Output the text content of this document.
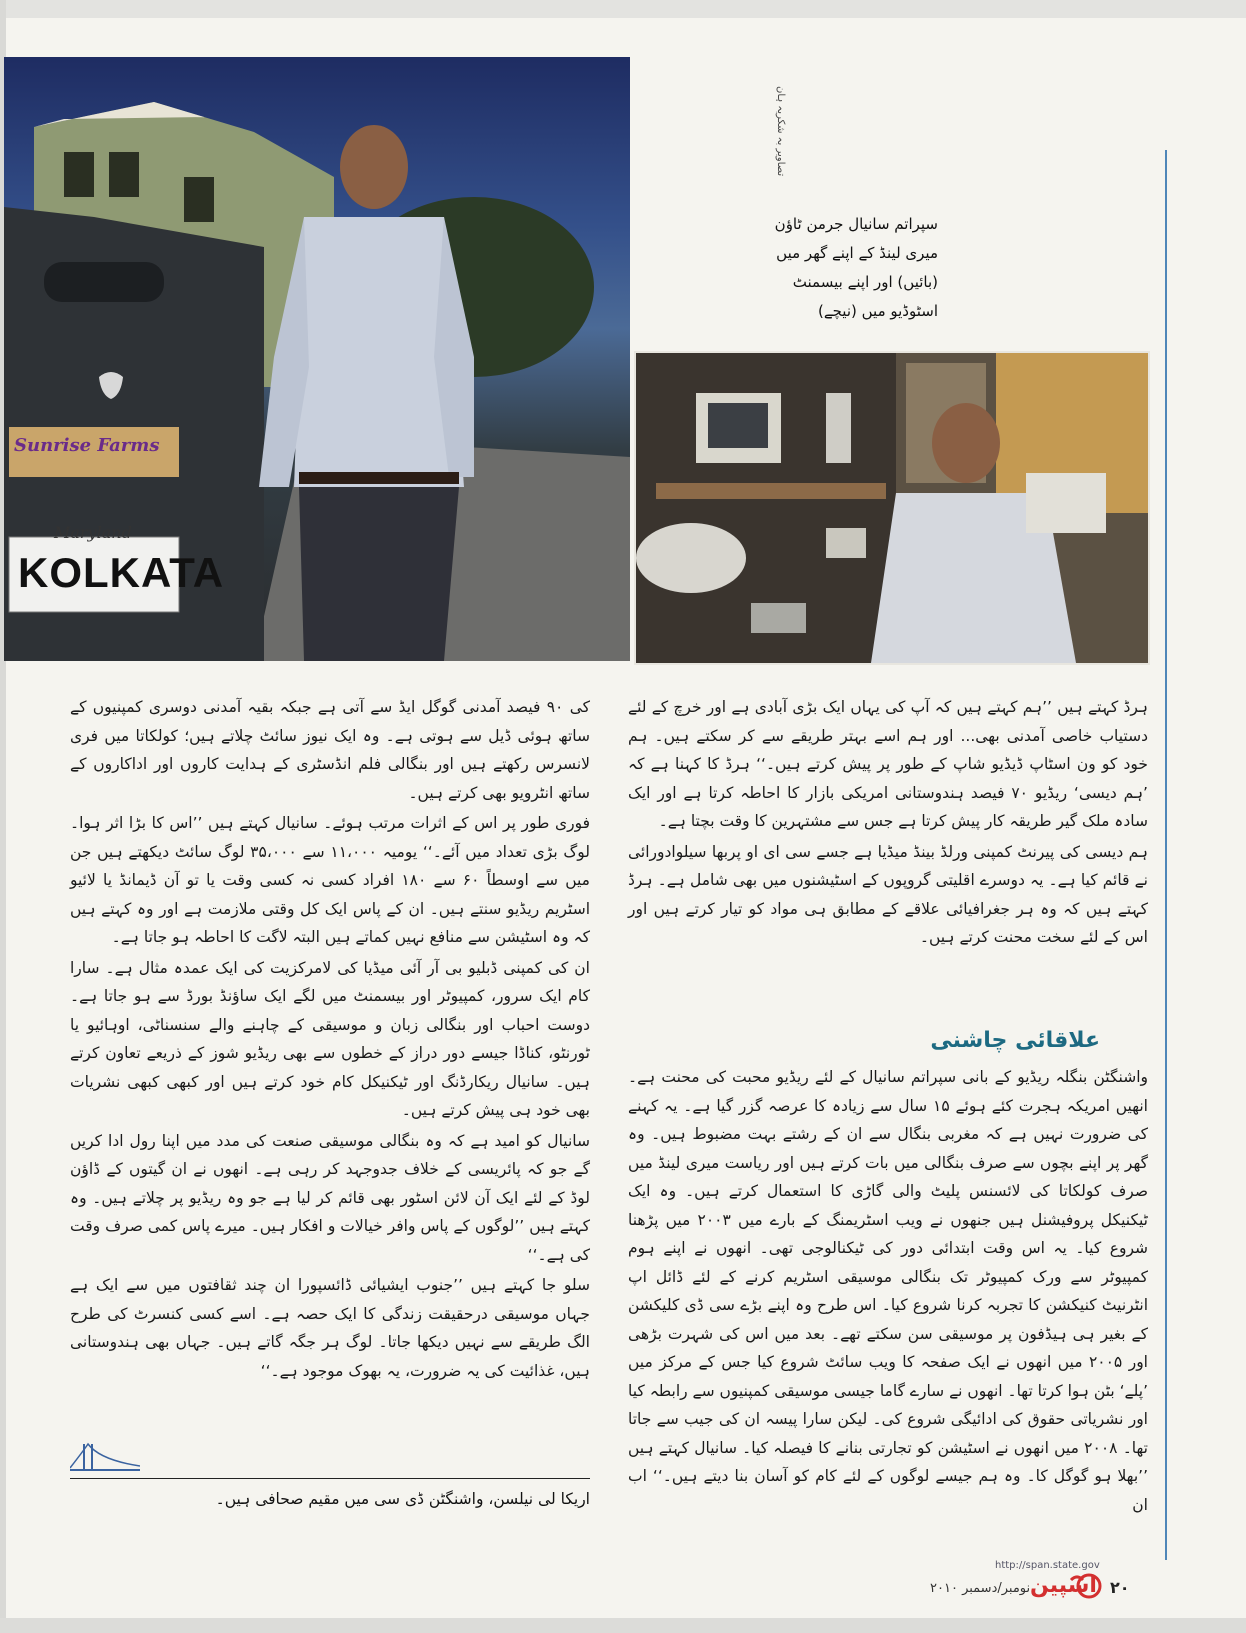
Maryland
KOLKATA
Sunrise Farms
تصاویر بہ شکریہ ہان
سپراتم سانیال جرمن ٹاؤن
میری لینڈ کے اپنے گھر میں
(بائیں) اور اپنے بیسمنٹ
اسٹوڈیو میں (نیچے)

ہرڈ کہتے ہیں ’’ہم کہتے ہیں کہ آپ کی یہاں ایک بڑی آبادی ہے اور خرچ کے لئے دستیاب خاصی آمدنی بھی... اور ہم اسے بہتر طریقے سے کر سکتے ہیں۔ ہم خود کو ون اسٹاپ ڈیڈیو شاپ کے طور پر پیش کرتے ہیں۔‘‘ ہرڈ کا کہنا ہے کہ ’ہم دیسی‘ ریڈیو ۷۰ فیصد ہندوستانی امریکی بازار کا احاطہ کرتا ہے اور ایک سادہ ملک گیر طریقہ کار پیش کرتا ہے جس سے مشتہرین کا وقت بچتا ہے۔

ہم دیسی کی پیرنٹ کمپنی ورلڈ بینڈ میڈیا ہے جسے سی ای او پربھا سیلوادورائی نے قائم کیا ہے۔ یہ دوسرے اقلیتی گروپوں کے اسٹیشنوں میں بھی شامل ہے۔ ہرڈ کہتے ہیں کہ وہ ہر جغرافیائی علاقے کے مطابق ہی مواد کو تیار کرتے ہیں اور اس کے لئے سخت محنت کرتے ہیں۔

علاقائی چاشنی

واشنگٹن بنگلہ ریڈیو کے بانی سپراتم سانیال کے لئے ریڈیو محبت کی محنت ہے۔ انھیں امریکہ ہجرت کئے ہوئے ۱۵ سال سے زیادہ کا عرصہ گزر گیا ہے۔ یہ کہنے کی ضرورت نہیں ہے کہ مغربی بنگال سے ان کے رشتے بہت مضبوط ہیں۔ وہ گھر پر اپنے بچوں سے صرف بنگالی میں بات کرتے ہیں اور ریاست میری لینڈ میں صرف کولکاتا کی لائسنس پلیٹ والی گاڑی کا استعمال کرتے ہیں۔ وہ ایک ٹیکنیکل پروفیشنل ہیں جنھوں نے ویب اسٹریمنگ کے بارے میں ۲۰۰۳ میں پڑھنا شروع کیا۔ یہ اس وقت ابتدائی دور کی ٹیکنالوجی تھی۔ انھوں نے اپنے ہوم کمپیوٹر سے ورک کمپیوٹر تک بنگالی موسیقی اسٹریم کرنے کے لئے ڈائل اپ انٹرنیٹ کنیکشن کا تجربہ کرنا شروع کیا۔ اس طرح وہ اپنے بڑے سی ڈی کلیکشن کے بغیر ہی ہیڈفون پر موسیقی سن سکتے تھے۔ بعد میں اس کی شہرت بڑھی اور ۲۰۰۵ میں انھوں نے ایک صفحہ کا ویب سائٹ شروع کیا جس کے مرکز میں ’پلے‘ بٹن ہوا کرتا تھا۔ انھوں نے سارے گاما جیسی موسیقی کمپنیوں سے رابطہ کیا اور نشریاتی حقوق کی ادائیگی شروع کی۔ لیکن سارا پیسہ ان کی جیب سے جاتا تھا۔ ۲۰۰۸ میں انھوں نے اسٹیشن کو تجارتی بنانے کا فیصلہ کیا۔ سانیال کہتے ہیں ’’بھلا ہو گوگل کا۔ وہ ہم جیسے لوگوں کے لئے کام کو آسان بنا دیتے ہیں۔‘‘ اب ان

کی ۹۰ فیصد آمدنی گوگل ایڈ سے آتی ہے جبکہ بقیہ آمدنی دوسری کمپنیوں کے ساتھ ہوئی ڈیل سے ہوتی ہے۔ وہ ایک نیوز سائٹ چلاتے ہیں؛ کولکاتا میں فری لانسرس رکھتے ہیں اور بنگالی فلم انڈسٹری کے ہدایت کاروں اور اداکاروں کے ساتھ انٹرویو بھی کرتے ہیں۔

فوری طور پر اس کے اثرات مرتب ہوئے۔ سانیال کہتے ہیں ’’اس کا بڑا اثر ہوا۔ لوگ بڑی تعداد میں آئے۔‘‘ یومیہ ۱۱،۰۰۰ سے ۳۵،۰۰۰ لوگ سائٹ دیکھتے ہیں جن میں سے اوسطاً ۶۰ سے ۱۸۰ افراد کسی نہ کسی وقت یا تو آن ڈیمانڈ یا لائیو اسٹریم ریڈیو سنتے ہیں۔ ان کے پاس ایک کل وقتی ملازمت ہے اور وہ کہتے ہیں کہ وہ اسٹیشن سے منافع نہیں کماتے ہیں البتہ لاگت کا احاطہ ہو جاتا ہے۔

ان کی کمپنی ڈبلیو بی آر آئی میڈیا کی لامرکزیت کی ایک عمدہ مثال ہے۔ سارا کام ایک سرور، کمپیوٹر اور بیسمنٹ میں لگے ایک ساؤنڈ بورڈ سے ہو جاتا ہے۔ دوست احباب اور بنگالی زبان و موسیقی کے چاہنے والے سنسناٹی، اوہائیو یا ٹورنٹو، کناڈا جیسے دور دراز کے خطوں سے بھی ریڈیو شوز کے ذریعے تعاون کرتے ہیں۔ سانیال ریکارڈنگ اور ٹیکنیکل کام خود کرتے ہیں اور کبھی کبھی نشریات بھی خود ہی پیش کرتے ہیں۔

سانیال کو امید ہے کہ وہ بنگالی موسیقی صنعت کی مدد میں اپنا رول ادا کریں گے جو کہ پائریسی کے خلاف جدوجہد کر رہی ہے۔ انھوں نے ان گیتوں کے ڈاؤن لوڈ کے لئے ایک آن لائن اسٹور بھی قائم کر لیا ہے جو وہ ریڈیو پر چلاتے ہیں۔ وہ کہتے ہیں ’’لوگوں کے پاس وافر خیالات و افکار ہیں۔ میرے پاس کمی صرف وقت کی ہے۔‘‘

سلو جا کہتے ہیں ’’جنوب ایشیائی ڈائسپورا ان چند ثقافتوں میں سے ایک ہے جہاں موسیقی درحقیقت زندگی کا ایک حصہ ہے۔ اسے کسی کنسرٹ کی طرح الگ طریقے سے نہیں دیکھا جاتا۔ لوگ ہر جگہ گاتے ہیں۔ جہاں بھی ہندوستانی ہیں، غذائیت کی یہ ضرورت، یہ بھوک موجود ہے۔‘‘

اریکا لی نیلسن، واشنگٹن ڈی سی میں مقیم صحافی ہیں۔
http://span.state.gov
اسپین
نومبر/دسمبر ۲۰۱۰	۲۰
